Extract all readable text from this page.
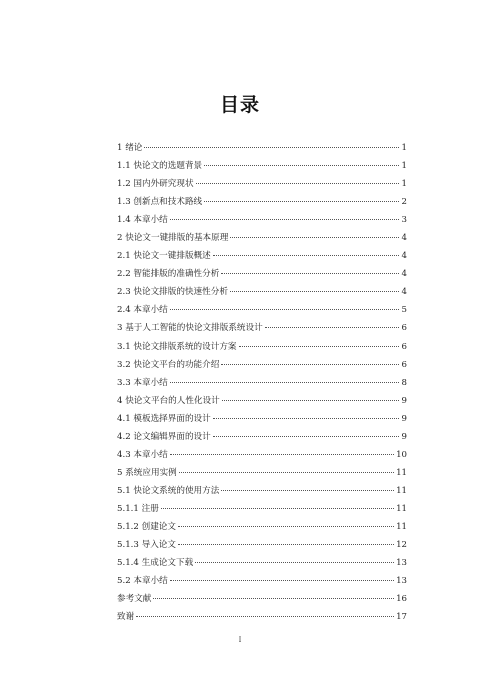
目录
1 绪论	1
1.1 快论文的选题背景	1
1.2 国内外研究现状	1
1.3 创新点和技术路线	2
1.4 本章小结	3
2 快论文一键排版的基本原理	4
2.1 快论文一键排版概述	4
2.2 智能排版的准确性分析	4
2.3 快论文排版的快速性分析	4
2.4 本章小结	5
3 基于人工智能的快论文排版系统设计	6
3.1 快论文排版系统的设计方案	6
3.2 快论文平台的功能介绍	6
3.3 本章小结	8
4 快论文平台的人性化设计	9
4.1 模板选择界面的设计	9
4.2 论文编辑界面的设计	9
4.3 本章小结	10
5 系统应用实例	11
5.1 快论文系统的使用方法	11
5.1.1 注册	11
5.1.2 创建论文	11
5.1.3 导入论文	12
5.1.4 生成论文下载	13
5.2 本章小结	13
参考文献	16
致谢	17
I
